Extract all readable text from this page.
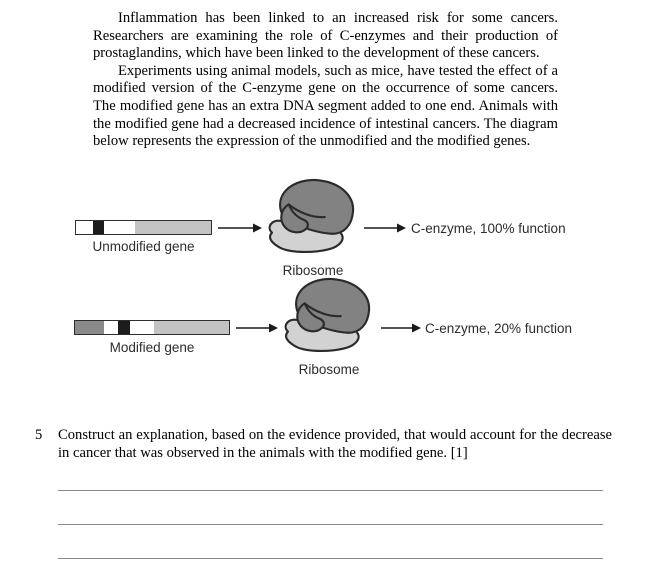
Inflammation has been linked to an increased risk for some cancers. Researchers are examining the role of C-enzymes and their production of prostaglandins, which have been linked to the development of these cancers.

Experiments using animal models, such as mice, have tested the effect of a modified version of the C-enzyme gene on the occurrence of some cancers. The modified gene has an extra DNA segment added to one end. Animals with the modified gene had a decreased incidence of intestinal cancers. The diagram below represents the expression of the unmodified and the modified genes.

Unmodified gene
Ribosome
C-enzyme, 100% function
Modified gene
Ribosome
C-enzyme, 20% function
5 Construct an explanation, based on the evidence provided, that would account for the decrease in cancer that was observed in the animals with the modified gene. [1]
